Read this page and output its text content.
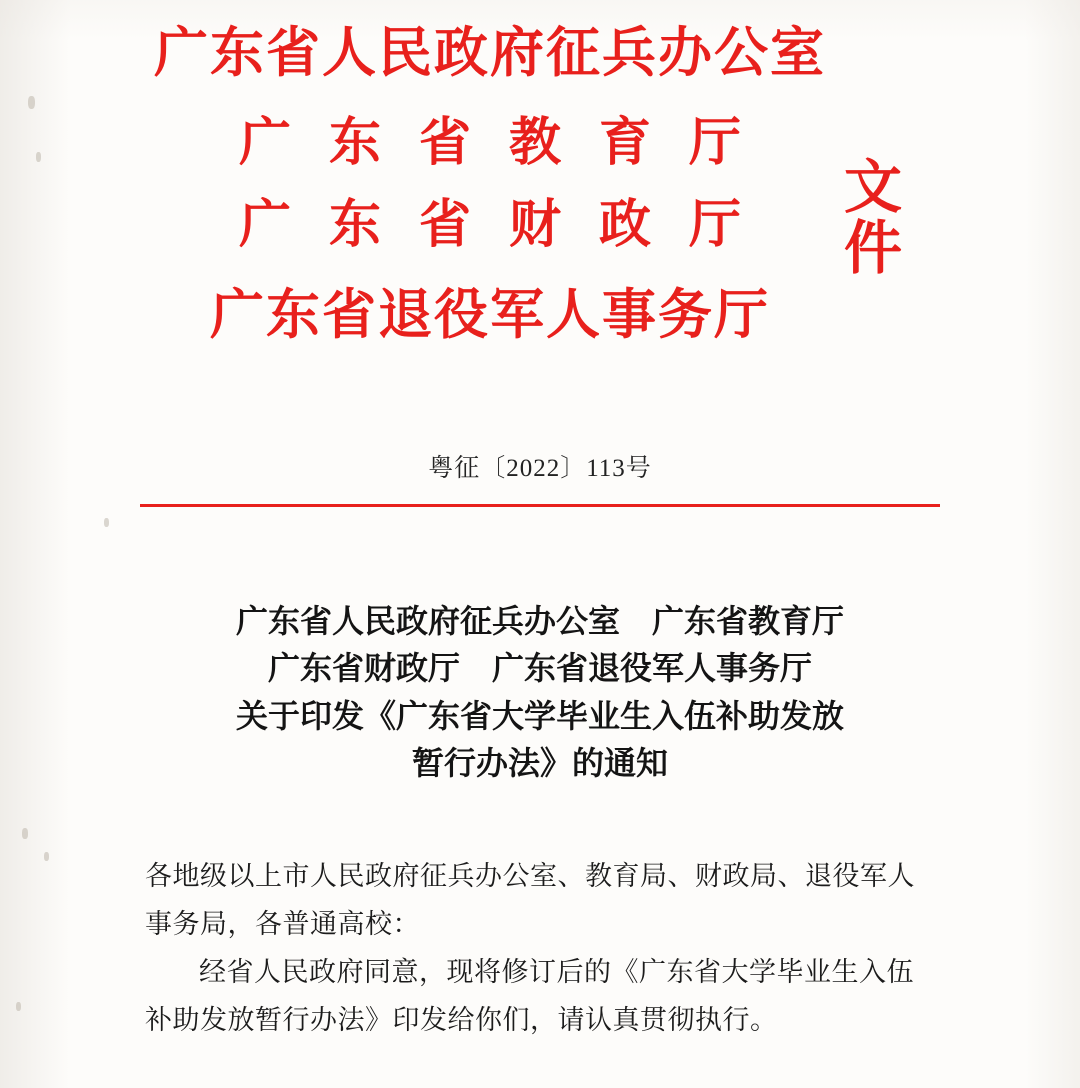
广东省人民政府征兵办公室
广东省教育厅
广东省财政厅
广东省退役军人事务厅
文件
粤征〔2022〕113号
广东省人民政府征兵办公室　广东省教育厅
广东省财政厅　广东省退役军人事务厅
关于印发《广东省大学毕业生入伍补助发放
暂行办法》的通知

各地级以上市人民政府征兵办公室、教育局、财政局、退役军人

事务局，各普通高校：

经省人民政府同意，现将修订后的《广东省大学毕业生入伍

补助发放暂行办法》印发给你们，请认真贯彻执行。
